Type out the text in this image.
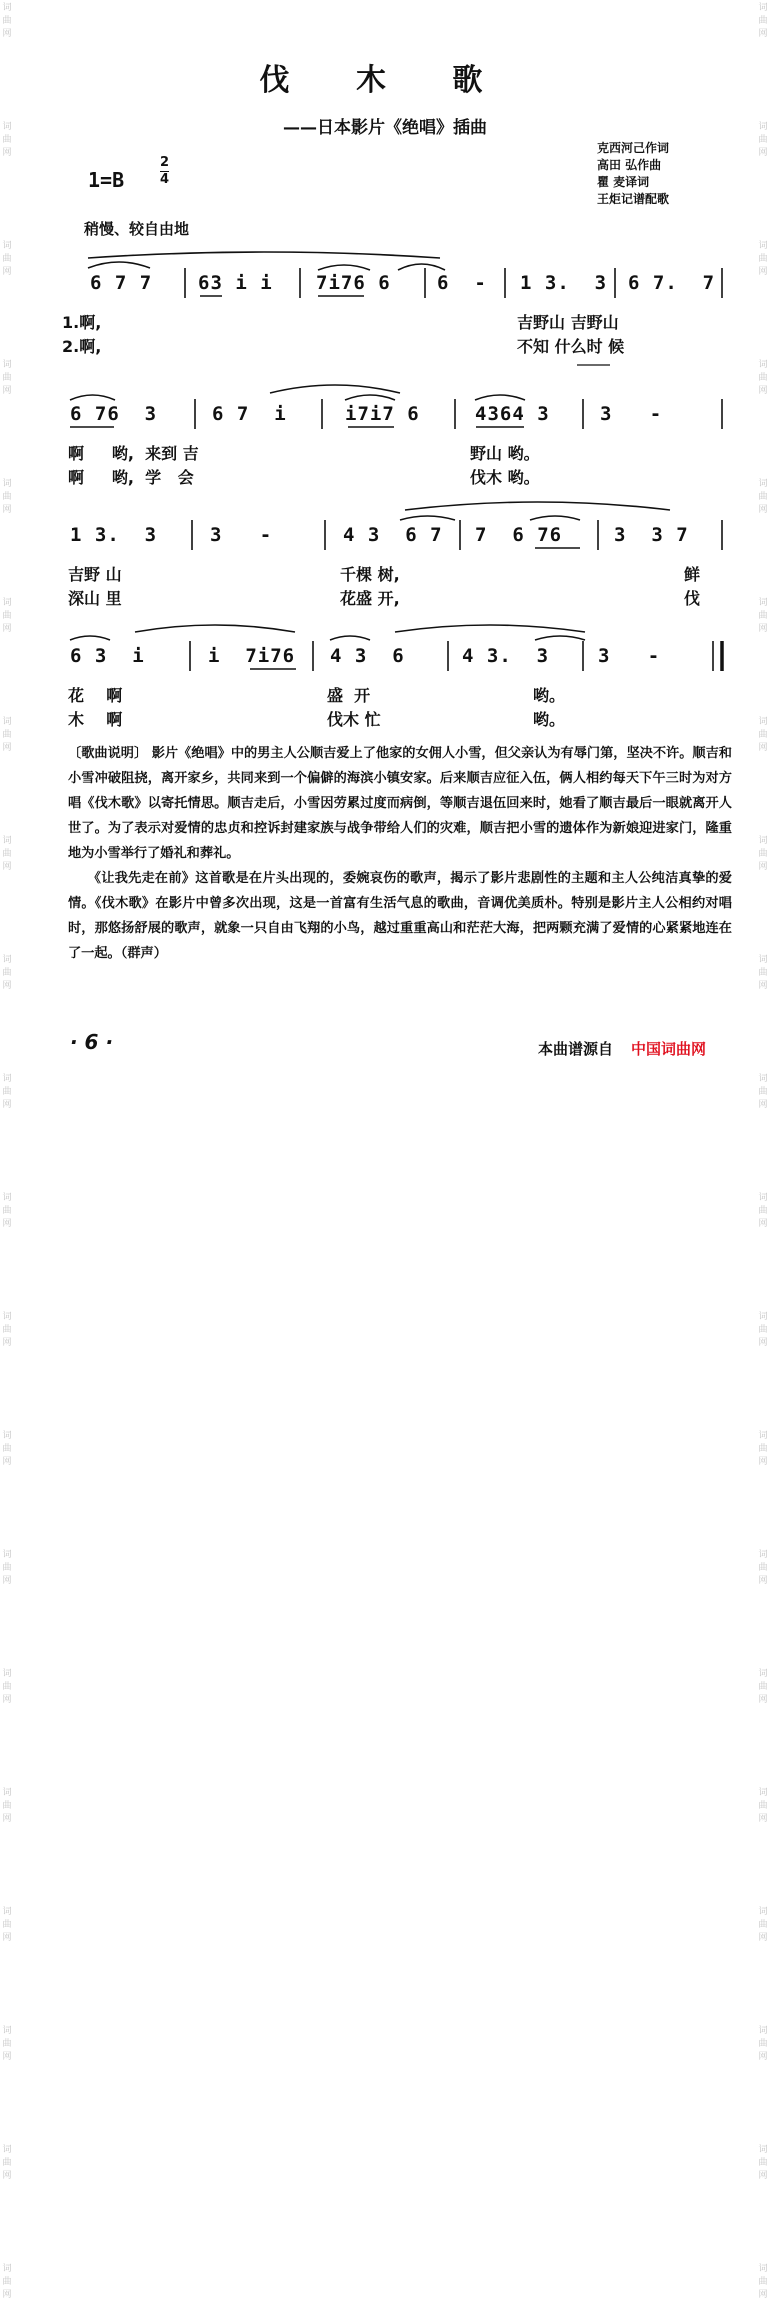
词
曲
网
词
曲
网
词
曲
网
词
曲
网
词
曲
网
词
曲
网
词
曲
网
词
曲
网
词
曲
网
词
曲
网
词
曲
网
词
曲
网
词
曲
网
词
曲
网
词
曲
网
词
曲
网
词
曲
网
词
曲
网
词
曲
网
词
曲
网
词
曲
网
词
曲
网
词
曲
网
词
曲
网
词
曲
网
词
曲
网
词
曲
网
词
曲
网
词
曲
网
词
曲
网
词
曲
网
词
曲
网
词
曲
网
词
曲
网
词
曲
网
词
曲
网
词
曲
网
词
曲
网
词
曲
网
词
曲
网
伐 木 歌
——日本影片《绝唱》插曲
克西河己作词
高田 弘作曲
瞿 麦译词
王炬记谱配歌
1=B
2
4
稍慢、较自由地
6 7 7 63 i i 7i76 6 6  - 1 3.  3 6 7.  7
1.啊,	吉野山 吉野山
2.啊,	不知 什么时 候
6 76  3	6 7  i	i7i7 6	4364 3	3   -
啊     哟,  来到 吉	野山 哟。
啊     哟,  学   会	伐木 哟。
1 3.  3	3   -	4 3  6 7 7  6 76	3  3 7
吉野 山	千棵 树,	鲜
深山 里	花盛 开,	伐
6 3  i	i  7i76 4 3  6	4 3.  3	3   -
花    啊	盛  开	哟。
木    啊	伐木 忙	哟。

〔歌曲说明〕 影片《绝唱》中的男主人公顺吉爱上了他家的女佣人小雪，但父亲认为有辱门第，坚决不许。顺吉和小雪冲破阻挠，离开家乡，共同来到一个偏僻的海滨小镇安家。后来顺吉应征入伍，俩人相约每天下午三时为对方唱《伐木歌》以寄托情思。顺吉走后，小雪因劳累过度而病倒，等顺吉退伍回来时，她看了顺吉最后一眼就离开人世了。为了表示对爱情的忠贞和控诉封建家族与战争带给人们的灾难，顺吉把小雪的遗体作为新娘迎进家门，隆重地为小雪举行了婚礼和葬礼。

《让我先走在前》这首歌是在片头出现的，委婉哀伤的歌声，揭示了影片悲剧性的主题和主人公纯洁真挚的爱情。《伐木歌》在影片中曾多次出现，这是一首富有生活气息的歌曲，音调优美质朴。特别是影片主人公相约对唱时，那悠扬舒展的歌声，就象一只自由飞翔的小鸟，越过重重高山和茫茫大海，把两颗充满了爱情的心紧紧地连在了一起。（群声）

· 6 ·	本曲谱源自 中国词曲网
